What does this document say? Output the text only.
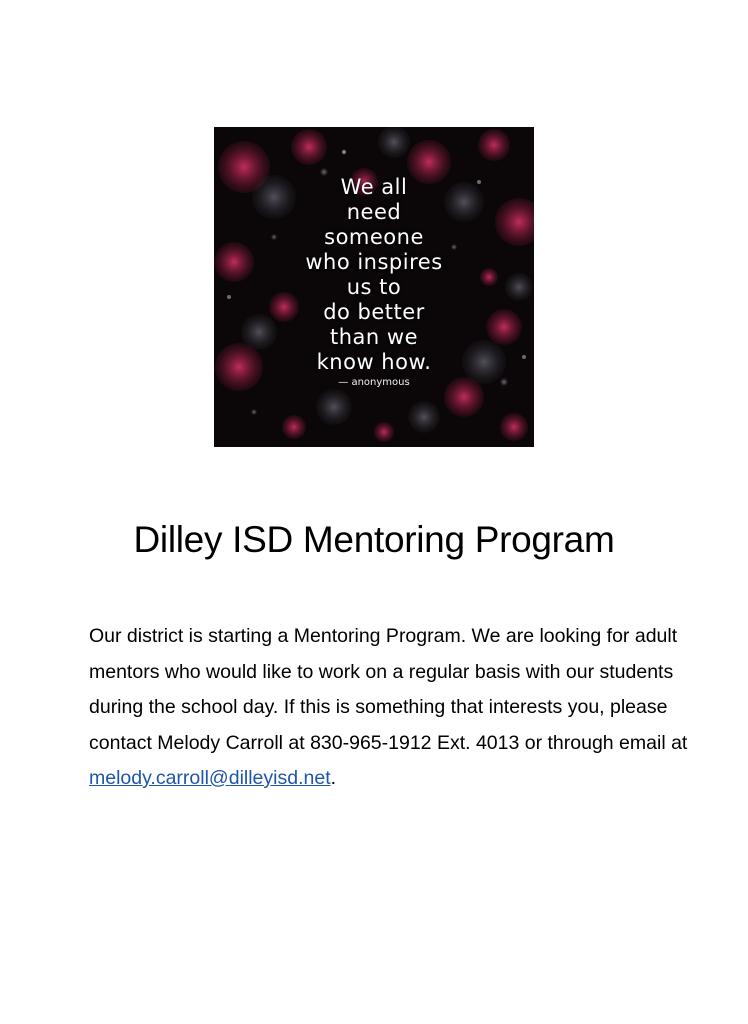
We all
need
someone
who inspires
us to
do better
than we
know how.
— anonymous
Dilley ISD Mentoring Program

Our district is starting a Mentoring Program. We are looking for adult mentors who would like to work on a regular basis with our students during the school day. If this is something that interests you, please contact Melody Carroll at 830-965-1912 Ext. 4013 or through email at melody.carroll@dilleyisd.net.
